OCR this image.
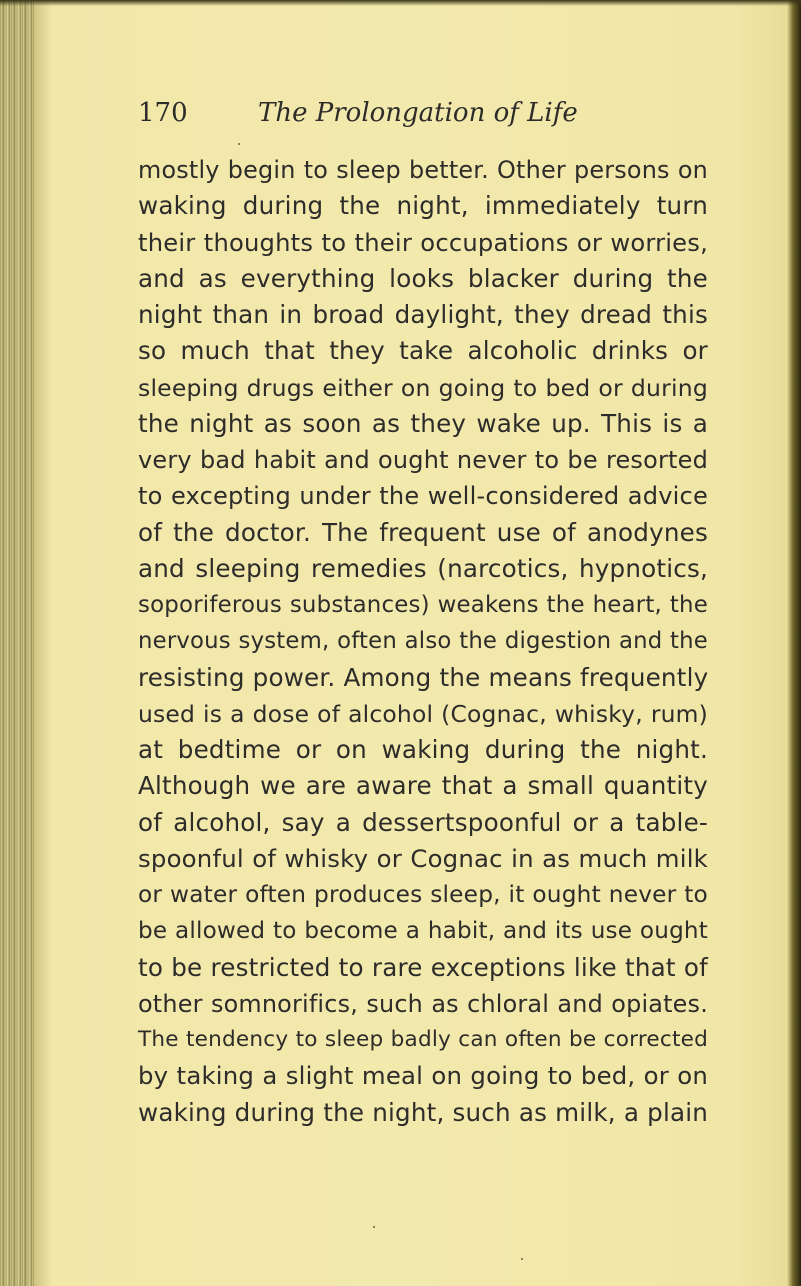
170	The Prolongation of Life
mostly begin to sleep better. Other persons on
waking during the night, immediately turn
their thoughts to their occupations or worries,
and as everything looks blacker during the
night than in broad daylight, they dread this
so much that they take alcoholic drinks or
sleeping drugs either on going to bed or during
the night as soon as they wake up. This is a
very bad habit and ought never to be resorted
to excepting under the well-considered advice
of the doctor. The frequent use of anodynes
and sleeping remedies (narcotics, hypnotics,
soporiferous substances) weakens the heart, the
nervous system, often also the digestion and the
resisting power. Among the means frequently
used is a dose of alcohol (Cognac, whisky, rum)
at bedtime or on waking during the night.
Although we are aware that a small quantity
of alcohol, say a dessertspoonful or a table-
spoonful of whisky or Cognac in as much milk
or water often produces sleep, it ought never to
be allowed to become a habit, and its use ought
to be restricted to rare exceptions like that of
other somnorifics, such as chloral and opiates.
The tendency to sleep badly can often be corrected
by taking a slight meal on going to bed, or on
waking during the night, such as milk, a plain
